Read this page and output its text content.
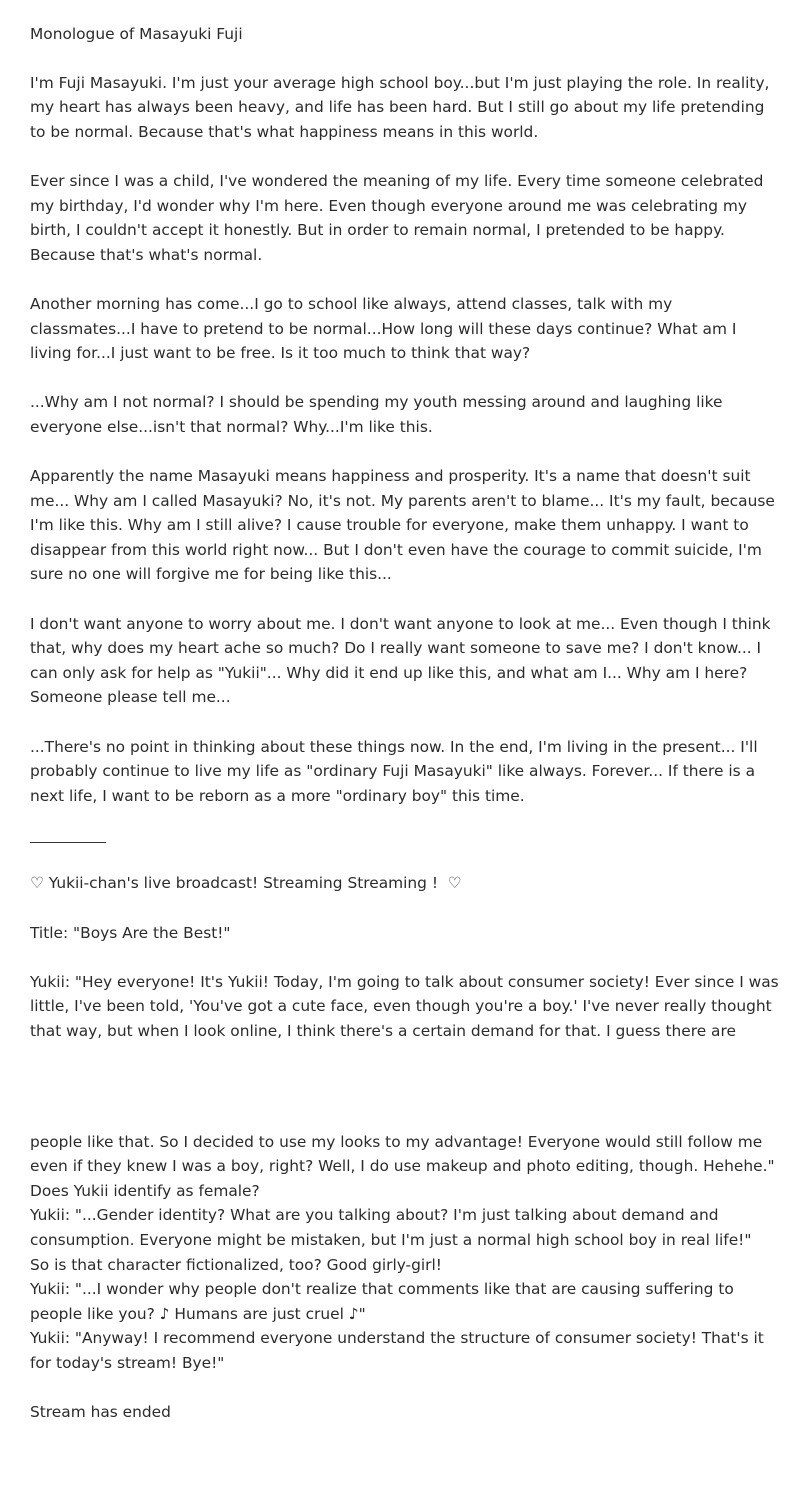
Monologue of Masayuki Fuji

I'm Fuji Masayuki. I'm just your average high school boy...but I'm just playing the role. In reality, my heart has always been heavy, and life has been hard. But I still go about my life pretending to be normal. Because that's what happiness means in this world.

Ever since I was a child, I've wondered the meaning of my life. Every time someone celebrated my birthday, I'd wonder why I'm here. Even though everyone around me was celebrating my birth, I couldn't accept it honestly. But in order to remain normal, I pretended to be happy. Because that's what's normal.

Another morning has come...I go to school like always, attend classes, talk with my classmates...I have to pretend to be normal...How long will these days continue? What am I living for...I just want to be free. Is it too much to think that way?

...Why am I not normal? I should be spending my youth messing around and laughing like everyone else...isn't that normal? Why...I'm like this.

Apparently the name Masayuki means happiness and prosperity. It's a name that doesn't suit me... Why am I called Masayuki? No, it's not. My parents aren't to blame... It's my fault, because I'm like this. Why am I still alive? I cause trouble for everyone, make them unhappy. I want to disappear from this world right now... But I don't even have the courage to commit suicide, I'm sure no one will forgive me for being like this...

I don't want anyone to worry about me. I don't want anyone to look at me... Even though I think that, why does my heart ache so much? Do I really want someone to save me? I don't know... I can only ask for help as "Yukii"... Why did it end up like this, and what am I... Why am I here? Someone please tell me...

...There's no point in thinking about these things now. In the end, I'm living in the present... I'll probably continue to live my life as "ordinary Fuji Masayuki" like always. Forever... If there is a next life, I want to be reborn as a more "ordinary boy" this time.

♡ Yukii-chan's live broadcast! Streaming Streaming ! ♡

Title: "Boys Are the Best!"

Yukii: "Hey everyone! It's Yukii! Today, I'm going to talk about consumer society! Ever since I was little, I've been told, 'You've got a cute face, even though you're a boy.' I've never really thought that way, but when I look online, I think there's a certain demand for that. I guess there are

people like that. So I decided to use my looks to my advantage! Everyone would still follow me even if they knew I was a boy, right? Well, I do use makeup and photo editing, though. Hehehe."

Does Yukii identify as female?
Yukii: "...Gender identity? What are you talking about? I'm just talking about demand and consumption. Everyone might be mistaken, but I'm just a normal high school boy in real life!"
So is that character fictionalized, too? Good girly-girl!
Yukii: "...I wonder why people don't realize that comments like that are causing suffering to people like you? ♪ Humans are just cruel ♪"
Yukii: "Anyway! I recommend everyone understand the structure of consumer society! That's it for today's stream! Bye!"

Stream has ended
